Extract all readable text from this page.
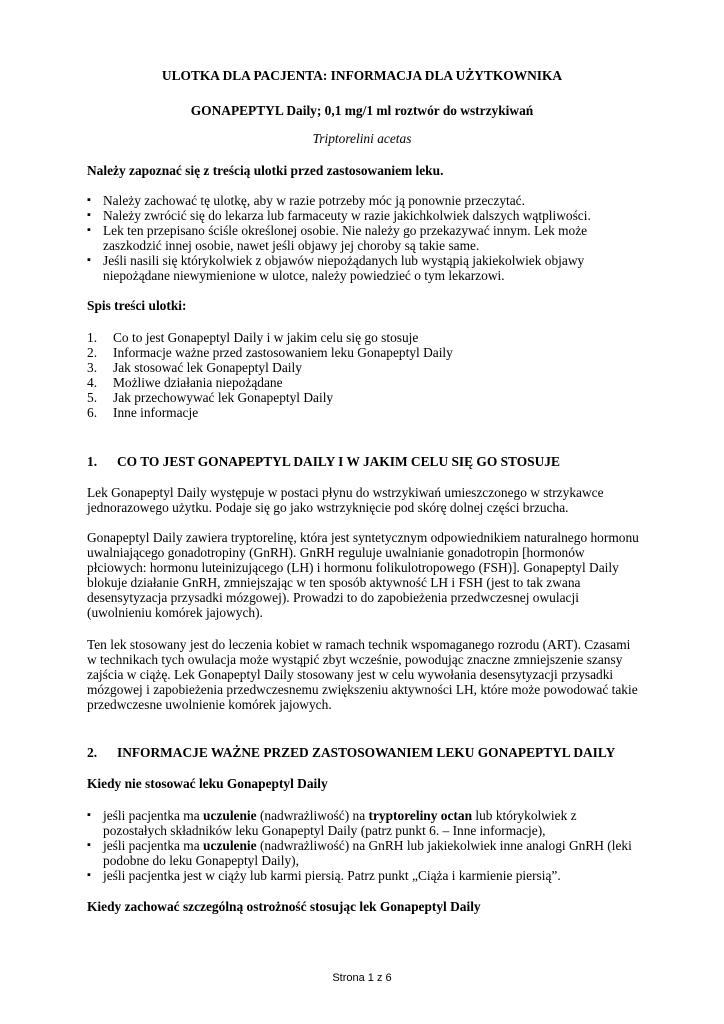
ULOTKA DLA PACJENTA: INFORMACJA DLA UŻYTKOWNIKA
GONAPEPTYL Daily; 0,1 mg/1 ml roztwór do wstrzykiwań
Triptorelini acetas
Należy zapoznać się z treścią ulotki przed zastosowaniem leku.
▪ Należy zachować tę ulotkę, aby w razie potrzeby móc ją ponownie przeczytać.
▪ Należy zwrócić się do lekarza lub farmaceuty w razie jakichkolwiek dalszych wątpliwości.
▪ Lek ten przepisano ściśle określonej osobie. Nie należy go przekazywać innym. Lek może
zaszkodzić innej osobie, nawet jeśli objawy jej choroby są takie same.
▪ Jeśli nasili się którykolwiek z objawów niepożądanych lub wystąpią jakiekolwiek objawy
niepożądane niewymienione w ulotce, należy powiedzieć o tym lekarzowi.
Spis treści ulotki:
1. Co to jest Gonapeptyl Daily i w jakim celu się go stosuje
2. Informacje ważne przed zastosowaniem leku Gonapeptyl Daily
3. Jak stosować lek Gonapeptyl Daily
4. Możliwe działania niepożądane
5. Jak przechowywać lek Gonapeptyl Daily
6. Inne informacje
1. CO TO JEST GONAPEPTYL DAILY I W JAKIM CELU SIĘ GO STOSUJE
Lek Gonapeptyl Daily występuje w postaci płynu do wstrzykiwań umieszczonego w strzykawce
jednorazowego użytku. Podaje się go jako wstrzyknięcie pod skórę dolnej części brzucha.
Gonapeptyl Daily zawiera tryptorelinę, która jest syntetycznym odpowiednikiem naturalnego hormonu
uwalniającego gonadotropiny (GnRH). GnRH reguluje uwalnianie gonadotropin [hormonów
płciowych: hormonu luteinizującego (LH) i hormonu folikulotropowego (FSH)]. Gonapeptyl Daily
blokuje działanie GnRH, zmniejszając w ten sposób aktywność LH i FSH (jest to tak zwana
desensytyzacja przysadki mózgowej). Prowadzi to do zapobieżenia przedwczesnej owulacji
(uwolnieniu komórek jajowych).
Ten lek stosowany jest do leczenia kobiet w ramach technik wspomaganego rozrodu (ART). Czasami
w technikach tych owulacja może wystąpić zbyt wcześnie, powodując znaczne zmniejszenie szansy
zajścia w ciążę. Lek Gonapeptyl Daily stosowany jest w celu wywołania desensytyzacji przysadki
mózgowej i zapobieżenia przedwczesnemu zwiększeniu aktywności LH, które może powodować takie
przedwczesne uwolnienie komórek jajowych.
2. INFORMACJE WAŻNE PRZED ZASTOSOWANIEM LEKU GONAPEPTYL DAILY
Kiedy nie stosować leku Gonapeptyl Daily
▪ jeśli pacjentka ma uczulenie (nadwrażliwość) na tryptoreliny octan lub którykolwiek z
pozostałych składników leku Gonapeptyl Daily (patrz punkt 6. – Inne informacje),
▪ jeśli pacjentka ma uczulenie (nadwrażliwość) na GnRH lub jakiekolwiek inne analogi GnRH (leki
podobne do leku Gonapeptyl Daily),
▪ jeśli pacjentka jest w ciąży lub karmi piersią. Patrz punkt „Ciąża i karmienie piersią”.
Kiedy zachować szczególną ostrożność stosując lek Gonapeptyl Daily
Strona 1 z 6
